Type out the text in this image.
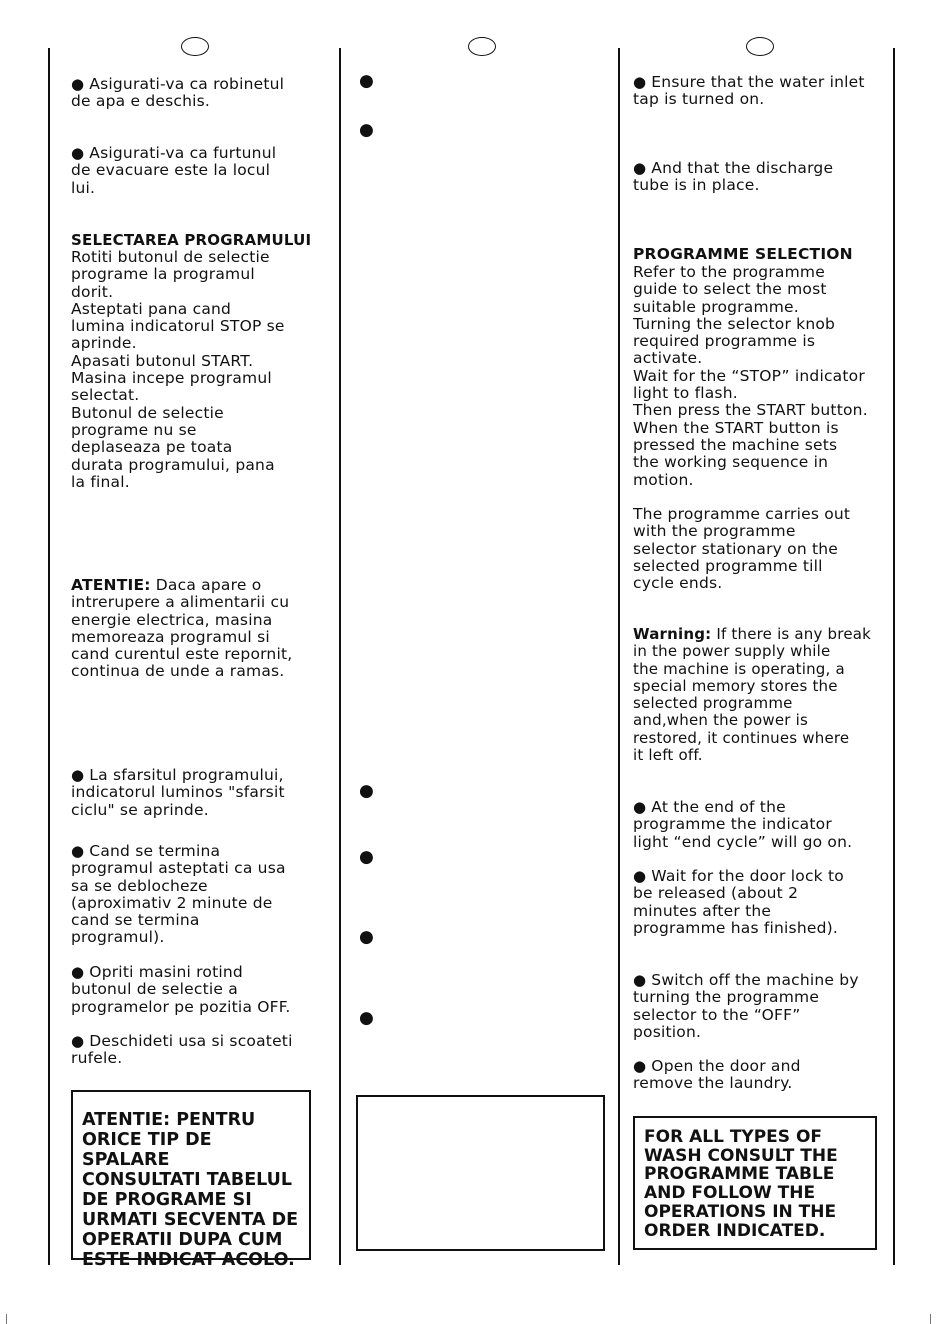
● Asigurati-va ca robinetul
de apa e deschis.

● Asigurati-va ca furtunul
de evacuare este la locul
lui.

SELECTAREA PROGRAMULUI

Rotiti butonul de selectie
programe la programul
dorit.
Asteptati pana cand
lumina indicatorul STOP se
aprinde.
Apasati butonul START.
Masina incepe programul
selectat.
Butonul de selectie
programe nu se
deplaseaza pe toata
durata programului, pana
la final.

ATENTIE: Daca apare o
intrerupere a alimentarii cu
energie electrica, masina
memoreaza programul si
cand curentul este repornit,
continua de unde a ramas.

● La sfarsitul programului,
indicatorul luminos "sfarsit
ciclu" se aprinde.

● Cand se termina
programul asteptati ca usa
sa se deblocheze
(aproximativ 2 minute de
cand se termina
programul).

● Opriti masini rotind
butonul de selectie a
programelor pe pozitia OFF.

● Deschideti usa si scoateti
rufele.

ATENTIE: PENTRU
ORICE TIP DE SPALARE
CONSULTATI TABELUL
DE PROGRAME SI
URMATI SECVENTA DE
OPERATII DUPA CUM
ESTE INDICAT ACOLO.

●
●
●
●
●
●

● Ensure that the water inlet
tap is turned on.

● And that the discharge
tube is in place.

PROGRAMME SELECTION

Refer to the programme
guide to select the most
suitable programme.
Turning the selector knob
required programme is
activate.
Wait for the “STOP” indicator
light to flash.
Then press the START button.
When the START button is
pressed the machine sets
the working sequence in
motion.

The programme carries out
with the programme
selector stationary on the
selected programme till
cycle ends.

Warning: If there is any break
in the power supply while
the machine is operating, a
special memory stores the
selected programme
and,when the power is
restored, it continues where
it left off.

● At the end of the
programme the indicator
light “end cycle” will go on.

● Wait for the door lock to
be released (about 2
minutes after the
programme has finished).

● Switch off the machine by
turning the programme
selector to the “OFF”
position.

● Open the door and
remove the laundry.

FOR ALL TYPES OF
WASH CONSULT THE
PROGRAMME TABLE
AND FOLLOW THE
OPERATIONS IN THE
ORDER INDICATED.
